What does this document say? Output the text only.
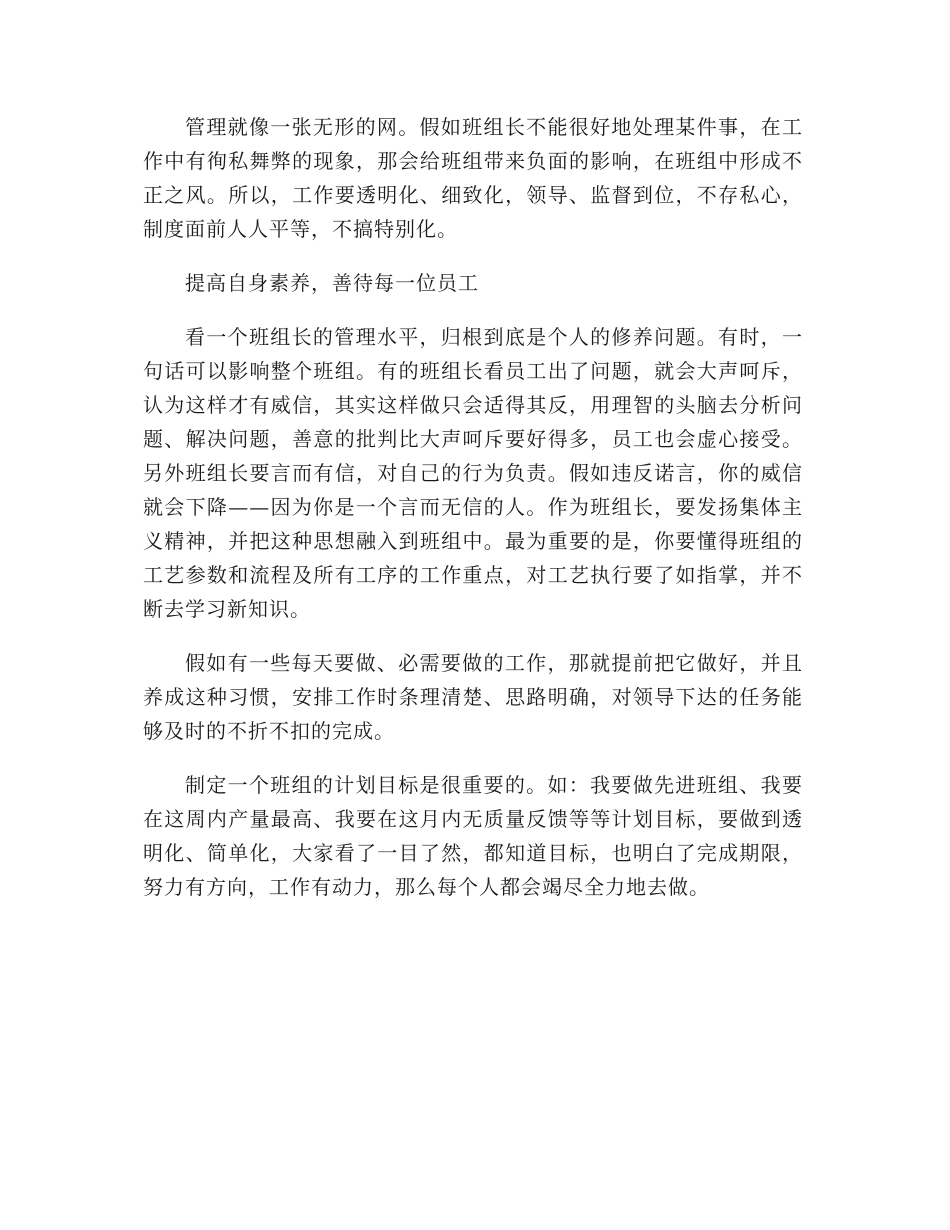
管理就像一张无形的网。假如班组长不能很好地处理某件事，在工作中有徇私舞弊的现象，那会给班组带来负面的影响，在班组中形成不正之风。所以，工作要透明化、细致化，领导、监督到位，不存私心，制度面前人人平等，不搞特别化。

提高自身素养，善待每一位员工

看一个班组长的管理水平，归根到底是个人的修养问题。有时，一句话可以影响整个班组。有的班组长看员工出了问题，就会大声呵斥，认为这样才有威信，其实这样做只会适得其反，用理智的头脑去分析问题、解决问题，善意的批判比大声呵斥要好得多，员工也会虚心接受。另外班组长要言而有信，对自己的行为负责。假如违反诺言，你的威信就会下降——因为你是一个言而无信的人。作为班组长，要发扬集体主义精神，并把这种思想融入到班组中。最为重要的是，你要懂得班组的工艺参数和流程及所有工序的工作重点，对工艺执行要了如指掌，并不断去学习新知识。

假如有一些每天要做、必需要做的工作，那就提前把它做好，并且养成这种习惯，安排工作时条理清楚、思路明确，对领导下达的任务能够及时的不折不扣的完成。

制定一个班组的计划目标是很重要的。如：我要做先进班组、我要在这周内产量最高、我要在这月内无质量反馈等等计划目标，要做到透明化、简单化，大家看了一目了然，都知道目标，也明白了完成期限，努力有方向，工作有动力，那么每个人都会竭尽全力地去做。
